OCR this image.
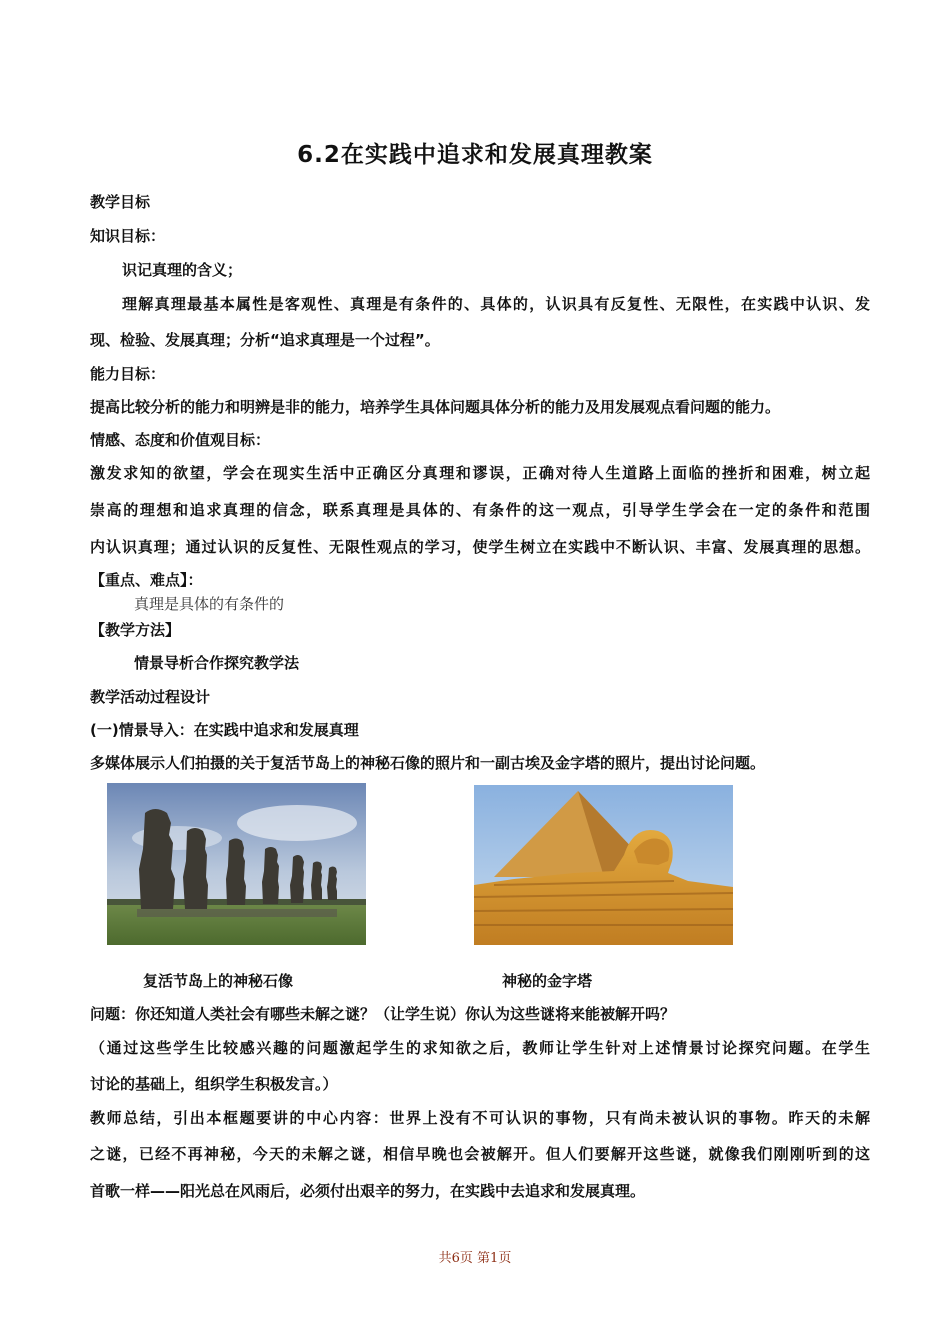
6.2在实践中追求和发展真理教案
教学目标
知识目标：
识记真理的含义；
理解真理最基本属性是客观性、真理是有条件的、具体的，认识具有反复性、无限性，在实践中认识、发
现、检验、发展真理；分析“追求真理是一个过程”。
能力目标：
提高比较分析的能力和明辨是非的能力，培养学生具体问题具体分析的能力及用发展观点看问题的能力。
情感、态度和价值观目标：
激发求知的欲望，学会在现实生活中正确区分真理和谬误，正确对待人生道路上面临的挫折和困难，树立起
崇高的理想和追求真理的信念，联系真理是具体的、有条件的这一观点，引导学生学会在一定的条件和范围
内认识真理；通过认识的反复性、无限性观点的学习，使学生树立在实践中不断认识、丰富、发展真理的思想。
【重点、难点】：
真理是具体的有条件的
【教学方法】
情景导析合作探究教学法
教学活动过程设计
(一)情景导入：在实践中追求和发展真理
多媒体展示人们拍摄的关于复活节岛上的神秘石像的照片和一副古埃及金字塔的照片，提出讨论问题。
复活节岛上的神秘石像	神秘的金字塔
问题：你还知道人类社会有哪些未解之谜？（让学生说）你认为这些谜将来能被解开吗？
（通过这些学生比较感兴趣的问题激起学生的求知欲之后，教师让学生针对上述情景讨论探究问题。在学生
讨论的基础上，组织学生积极发言。）
教师总结，引出本框题要讲的中心内容：世界上没有不可认识的事物，只有尚未被认识的事物。昨天的未解
之谜，已经不再神秘，今天的未解之谜，相信早晚也会被解开。但人们要解开这些谜，就像我们刚刚听到的这
首歌一样——阳光总在风雨后，必须付出艰辛的努力，在实践中去追求和发展真理。
共6页 第1页
